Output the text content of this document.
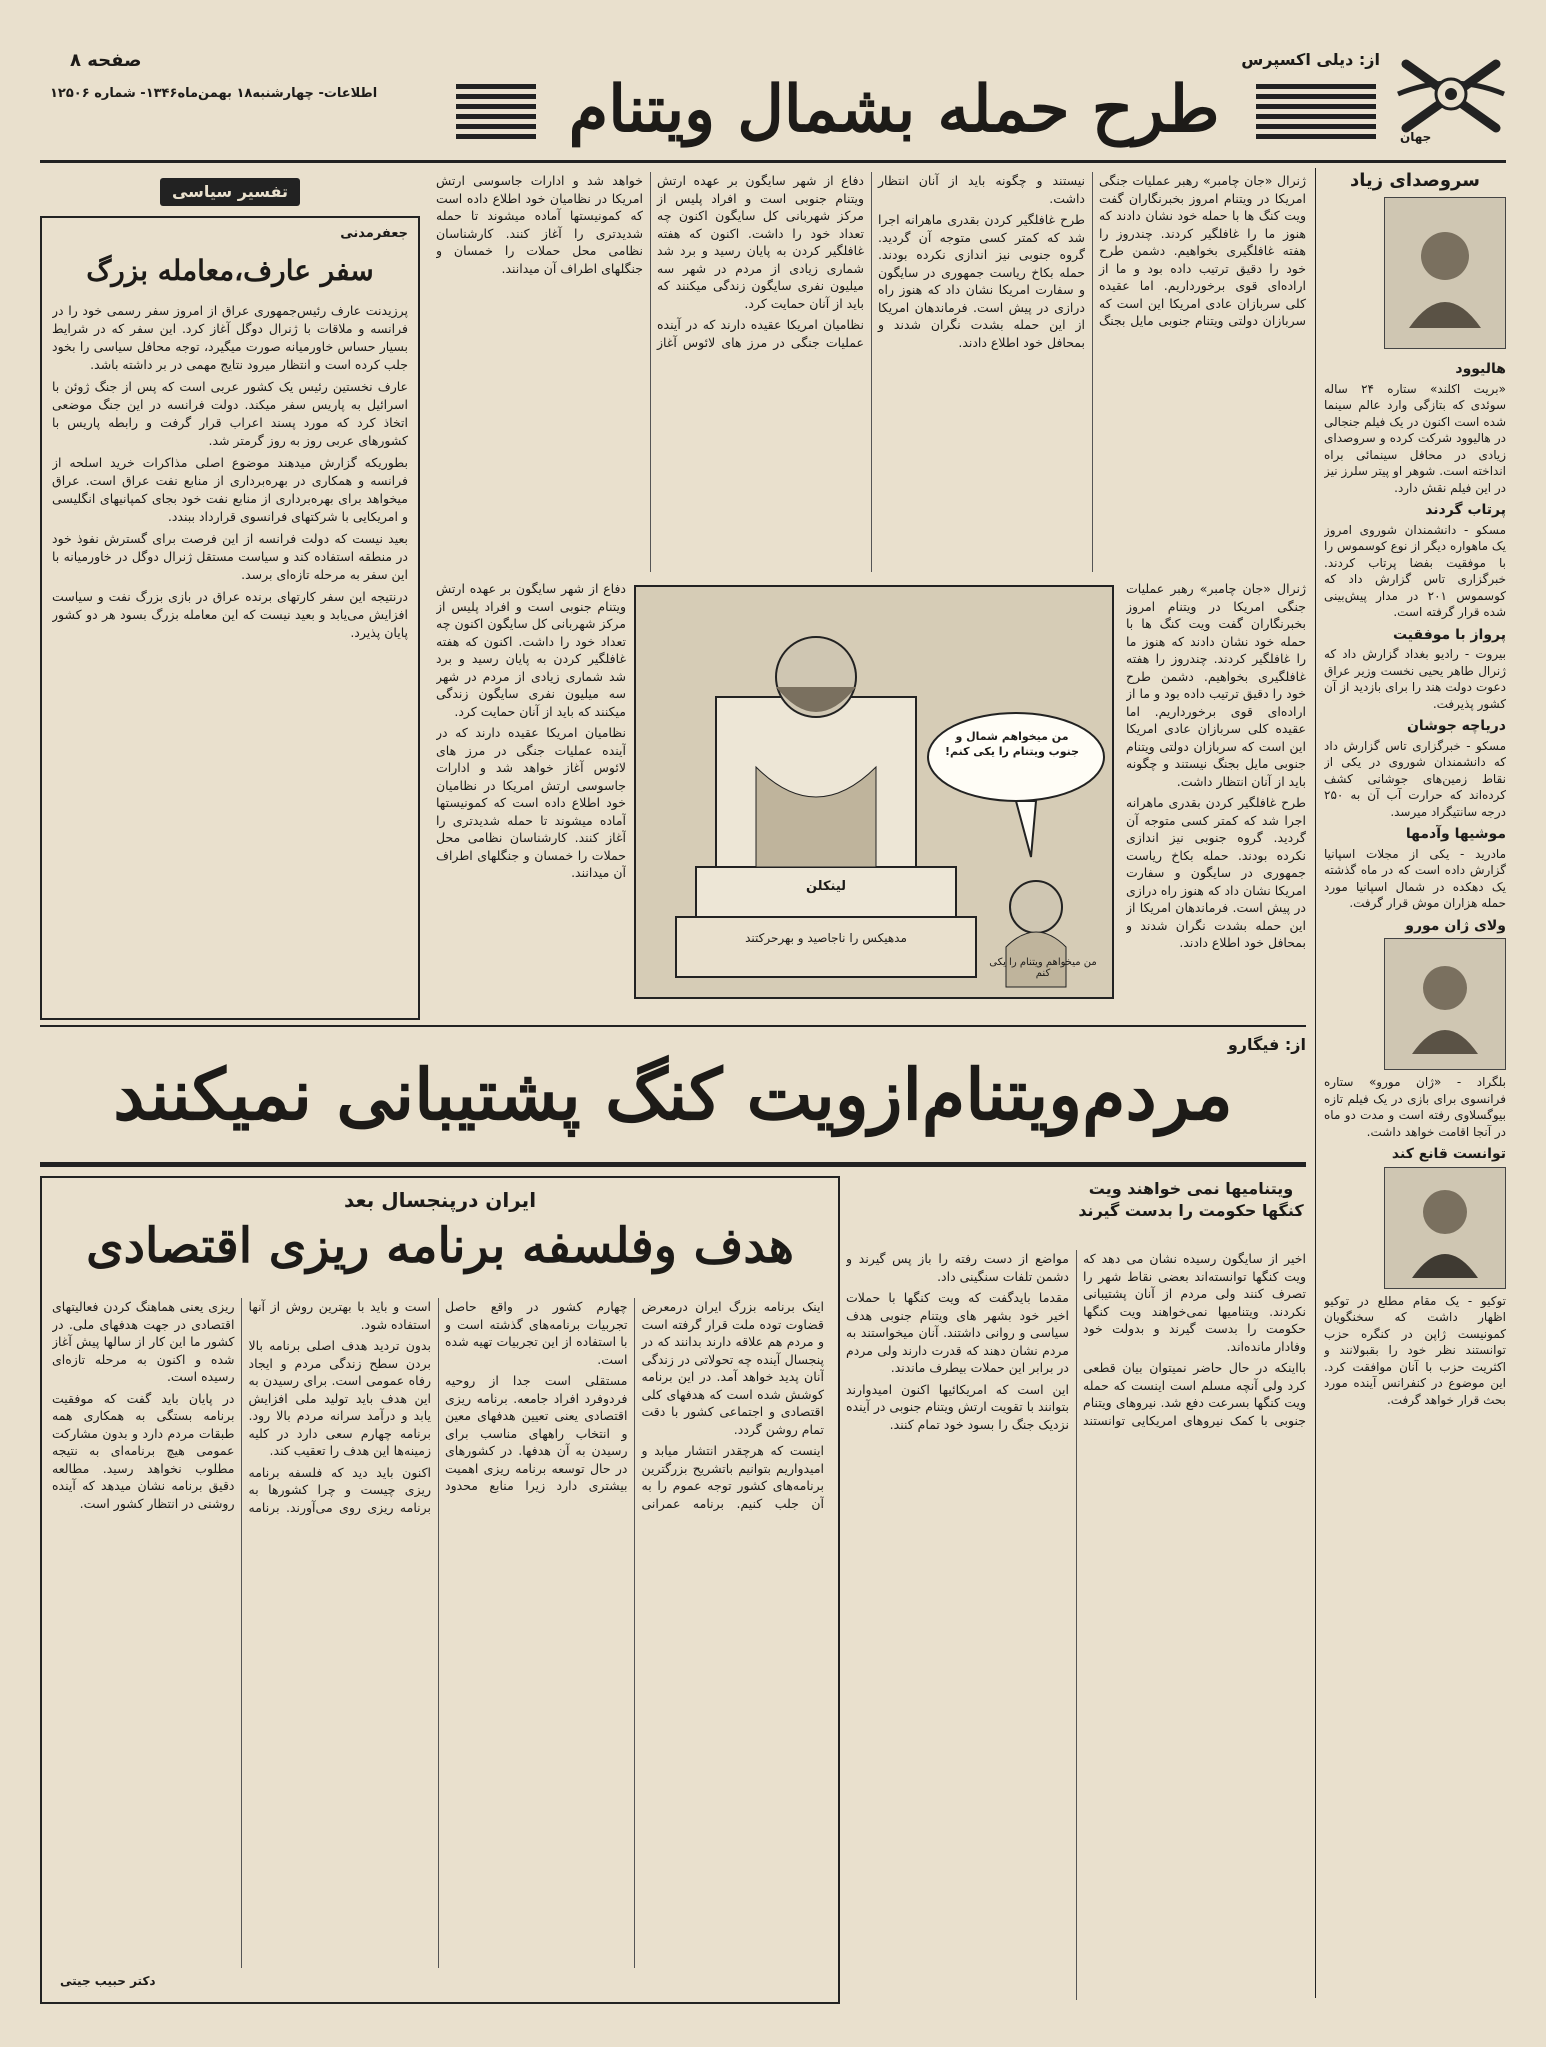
جهان
از: دیلی اکسپرس
طرح حمله بشمال ویتنام
صفحه ۸
اطلاعات- چهارشنبه۱۸ بهمن‌ماه۱۳۴۶- شماره ۱۲۵۰۶
سروصدای زیاد
هالیوود

«بریت اکلند» ستاره ۲۴ ساله سوئدی که بتازگی وارد عالم سینما شده است اکنون در یک فیلم جنجالی در هالیوود شرکت کرده و سروصدای زیادی در محافل سینمائی براه انداخته است. شوهر او پیتر سلرز نیز در این فیلم نقش دارد.

پرتاب گردند

مسکو - دانشمندان شوروی امروز یک ماهواره دیگر از نوع کوسموس را با موفقیت بفضا پرتاب کردند. خبرگزاری تاس گزارش داد که کوسموس ۲۰۱ در مدار پیش‌بینی شده قرار گرفته است.

پرواز با موفقیت

بیروت - رادیو بغداد گزارش داد که ژنرال طاهر یحیی نخست وزیر عراق دعوت دولت هند را برای بازدید از آن کشور پذیرفت.

دریاچه جوشان

مسکو - خبرگزاری تاس گزارش داد که دانشمندان شوروی در یکی از نقاط زمین‌های جوشانی کشف کرده‌اند که حرارت آب آن به ۲۵۰ درجه سانتیگراد میرسد.

موشیها وآدمها

مادرید - یکی از مجلات اسپانیا گزارش داده است که در ماه گذشته یک دهکده در شمال اسپانیا مورد حمله هزاران موش قرار گرفت.

ولای ژان مورو

بلگراد - «ژان مورو» ستاره فرانسوی برای بازی در یک فیلم تازه بیوگسلاوی رفته است و مدت دو ماه در آنجا اقامت خواهد داشت.

توانست قانع کند

توکیو - یک مقام مطلع در توکیو اظهار داشت که سخنگویان کمونیست ژاپن در کنگره حزب توانستند نظر خود را بقبولانند و اکثریت حزب با آنان موافقت کرد. این موضوع در کنفرانس آینده مورد بحث قرار خواهد گرفت.

ژنرال «جان چامبر» رهبر عملیات جنگی امریکا در ویتنام امروز بخبرنگاران گفت ویت کنگ ها با حمله خود نشان دادند که هنوز ما را غافلگیر کردند. چندروز را هفته غافلگیری بخواهیم. دشمن طرح خود را دقیق ترتیب داده بود و ما از اراده‌ای قوی برخورداریم. اما عقیده کلی سربازان عادی امریکا این است که سربازان دولتی ویتنام جنوبی مایل بجنگ نیستند و چگونه باید از آنان انتظار داشت.

طرح غافلگیر کردن بقدری ماهرانه اجرا شد که کمتر کسی متوجه آن گردید. گروه جنوبی نیز اندازی نکرده بودند. حمله بکاخ ریاست جمهوری در سایگون و سفارت امریکا نشان داد که هنوز راه درازی در پیش است. فرماندهان امریکا از این حمله بشدت نگران شدند و بمحافل خود اطلاع دادند.

دفاع از شهر سایگون بر عهده ارتش ویتنام جنوبی است و افراد پلیس از مرکز شهربانی کل سایگون اکنون چه تعداد خود را داشت. اکنون که هفته غافلگیر کردن به پایان رسید و برد شد شماری زیادی از مردم در شهر سه میلیون نفری سایگون زندگی میکنند که باید از آنان حمایت کرد.

نظامیان امریکا عقیده دارند که در آینده عملیات جنگی در مرز های لائوس آغاز خواهد شد و ادارات جاسوسی ارتش امریکا در نظامیان خود اطلاع داده است که کمونیستها آماده میشوند تا حمله شدیدتری را آغاز کنند. کارشناسان نظامی محل حملات را خمسان و جنگلهای اطراف آن میدانند.

ژنرال «جان چامبر» رهبر عملیات جنگی امریکا در ویتنام امروز بخبرنگاران گفت ویت کنگ ها با حمله خود نشان دادند که هنوز ما را غافلگیر کردند. چندروز را هفته غافلگیری بخواهیم. دشمن طرح خود را دقیق ترتیب داده بود و ما از اراده‌ای قوی برخورداریم. اما عقیده کلی سربازان عادی امریکا این است که سربازان دولتی ویتنام جنوبی مایل بجنگ نیستند و چگونه باید از آنان انتظار داشت.

طرح غافلگیر کردن بقدری ماهرانه اجرا شد که کمتر کسی متوجه آن گردید. گروه جنوبی نیز اندازی نکرده بودند. حمله بکاخ ریاست جمهوری در سایگون و سفارت امریکا نشان داد که هنوز راه درازی در پیش است. فرماندهان امریکا از این حمله بشدت نگران شدند و بمحافل خود اطلاع دادند.

دفاع از شهر سایگون بر عهده ارتش ویتنام جنوبی است و افراد پلیس از مرکز شهربانی کل سایگون اکنون چه تعداد خود را داشت. اکنون که هفته غافلگیر کردن به پایان رسید و برد شد شماری زیادی از مردم در شهر سه میلیون نفری سایگون زندگی میکنند که باید از آنان حمایت کرد.

نظامیان امریکا عقیده دارند که در آینده عملیات جنگی در مرز های لائوس آغاز خواهد شد و ادارات جاسوسی ارتش امریکا در نظامیان خود اطلاع داده است که کمونیستها آماده میشوند تا حمله شدیدتری را آغاز کنند. کارشناسان نظامی محل حملات را خمسان و جنگلهای اطراف آن میدانند.

من میخواهم شمال و جنوب ویتنام را یکی کنم!
لینکلن
مدهیکس را ناجاصید و بهرحرکتند
من میخواهم ویتنام را یکی کنم
تفسیر سیاسی
جعفرمدنی
سفر عارف،معامله بزرگ

پرزیدنت عارف رئیس‌جمهوری عراق از امروز سفر رسمی خود را در فرانسه و ملاقات با ژنرال دوگل آغاز کرد. این سفر که در شرایط بسیار حساس خاورمیانه صورت میگیرد، توجه محافل سیاسی را بخود جلب کرده است و انتظار میرود نتایج مهمی در بر داشته باشد.

عارف نخستین رئیس یک کشور عربی است که پس از جنگ ژوئن با اسرائیل به پاریس سفر میکند. دولت فرانسه در این جنگ موضعی اتخاذ کرد که مورد پسند اعراب قرار گرفت و رابطه پاریس با کشورهای عربی روز به روز گرمتر شد.

بطوریکه گزارش میدهند موضوع اصلی مذاکرات خرید اسلحه از فرانسه و همکاری در بهره‌برداری از منابع نفت عراق است. عراق میخواهد برای بهره‌برداری از منابع نفت خود بجای کمپانیهای انگلیسی و امریکایی با شرکتهای فرانسوی قرارداد ببندد.

بعید نیست که دولت فرانسه از این فرصت برای گسترش نفوذ خود در منطقه استفاده کند و سیاست مستقل ژنرال دوگل در خاورمیانه با این سفر به مرحله تازه‌ای برسد.

درنتیجه این سفر کارتهای برنده عراق در بازی بزرگ نفت و سیاست افزایش می‌یابد و بعید نیست که این معامله بزرگ بسود هر دو کشور پایان پذیرد.

از: فیگارو
مردم‌ویتنام‌ازویت کنگ پشتیبانی نمیکنند
ویتنامیها نمی خواهند ویت کنگها حکومت را بدست گیرند

اخیر از سایگون رسیده نشان می دهد که ویت کنگها توانسته‌اند بعضی نقاط شهر را تصرف کنند ولی مردم از آنان پشتیبانی نکردند. ویتنامیها نمی‌خواهند ویت کنگها حکومت را بدست گیرند و بدولت خود وفادار مانده‌اند.

بااینکه در حال حاضر نمیتوان بیان قطعی کرد ولی آنچه مسلم است اینست که حمله ویت کنگها بسرعت دفع شد. نیروهای ویتنام جنوبی با کمک نیروهای امریکایی توانستند مواضع از دست رفته را باز پس گیرند و دشمن تلفات سنگینی داد.

مقدما بایدگفت که ویت کنگها با حملات اخیر خود بشهر های ویتنام جنوبی هدف سیاسی و روانی داشتند. آنان میخواستند به مردم نشان دهند که قدرت دارند ولی مردم در برابر این حملات بیطرف ماندند.

این است که امریکائیها اکنون امیدوارند بتوانند با تقویت ارتش ویتنام جنوبی در آینده نزدیک جنگ را بسود خود تمام کنند.

ایران درپنجسال بعد
هدف وفلسفه برنامه ریزی اقتصادی

اینک برنامه بزرگ ایران درمعرض قضاوت توده ملت قرار گرفته است و مردم هم علاقه دارند بدانند که در پنجسال آینده چه تحولاتی در زندگی آنان پدید خواهد آمد. در این برنامه کوشش شده است که هدفهای کلی اقتصادی و اجتماعی کشور با دقت تمام روشن گردد.

اینست که هرچقدر انتشار میابد و امیدواریم بتوانیم باتشریح بزرگترین برنامه‌های کشور توجه عموم را به آن جلب کنیم. برنامه عمرانی چهارم کشور در واقع حاصل تجربیات برنامه‌های گذشته است و با استفاده از این تجربیات تهیه شده است.

مستقلی است جدا از روحیه فردوفرد افراد جامعه. برنامه ریزی اقتصادی یعنی تعیین هدفهای معین و انتخاب راههای مناسب برای رسیدن به آن هدفها. در کشورهای در حال توسعه برنامه ریزی اهمیت بیشتری دارد زیرا منابع محدود است و باید با بهترین روش از آنها استفاده شود.

بدون تردید هدف اصلی برنامه بالا بردن سطح زندگی مردم و ایجاد رفاه عمومی است. برای رسیدن به این هدف باید تولید ملی افزایش یابد و درآمد سرانه مردم بالا رود. برنامه چهارم سعی دارد در کلیه زمینه‌ها این هدف را تعقیب کند.

اکنون باید دید که فلسفه برنامه ریزی چیست و چرا کشورها به برنامه ریزی روی می‌آورند. برنامه ریزی یعنی هماهنگ کردن فعالیتهای اقتصادی در جهت هدفهای ملی. در کشور ما این کار از سالها پیش آغاز شده و اکنون به مرحله تازه‌ای رسیده است.

در پایان باید گفت که موفقیت برنامه بستگی به همکاری همه طبقات مردم دارد و بدون مشارکت عمومی هیچ برنامه‌ای به نتیجه مطلوب نخواهد رسید. مطالعه دقیق برنامه نشان میدهد که آینده روشنی در انتظار کشور است.

دکتر حبیب جیتی
